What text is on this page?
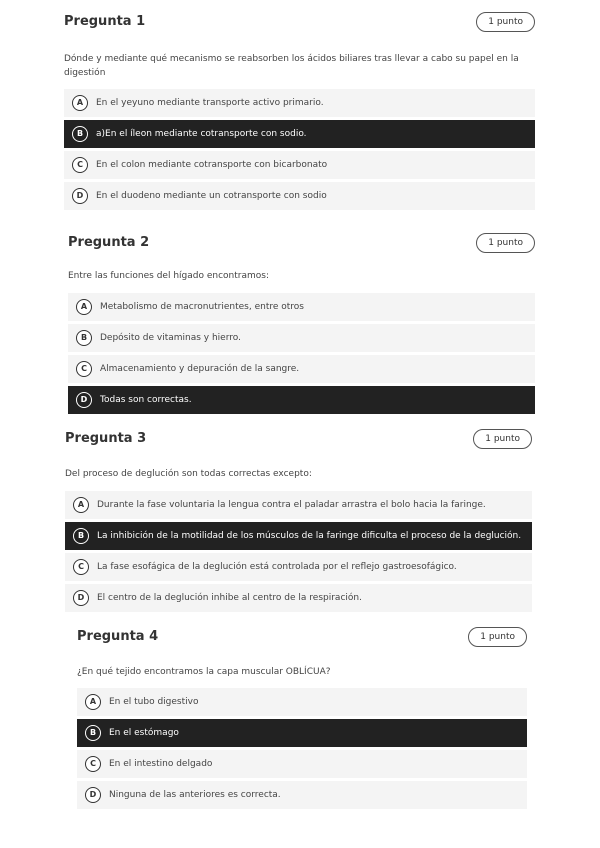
Pregunta 1	1 punto
Dónde y mediante qué mecanismo se reabsorben los ácidos biliares tras llevar a cabo su papel en la
digestión
A	En el yeyuno mediante transporte activo primario.
B	a)En el íleon mediante cotransporte con sodio.
C	En el colon mediante cotransporte con bicarbonato
D	En el duodeno mediante un cotransporte con sodio
Pregunta 2	1 punto
Entre las funciones del hígado encontramos:
A	Metabolismo de macronutrientes, entre otros
B	Depósito de vitaminas y hierro.
C	Almacenamiento y depuración de la sangre.
D	Todas son correctas.
Pregunta 3	1 punto
Del proceso de deglución son todas correctas excepto:
A	Durante la fase voluntaria la lengua contra el paladar arrastra el bolo hacia la faringe.
B	La inhibición de la motilidad de los músculos de la faringe dificulta el proceso de la deglución.
C	La fase esofágica de la deglución está controlada por el reflejo gastroesofágico.
D	El centro de la deglución inhibe al centro de la respiración.
Pregunta 4	1 punto
¿En qué tejido encontramos la capa muscular OBLÍCUA?
A	En el tubo digestivo
B	En el estómago
C	En el intestino delgado
D	Ninguna de las anteriores es correcta.
